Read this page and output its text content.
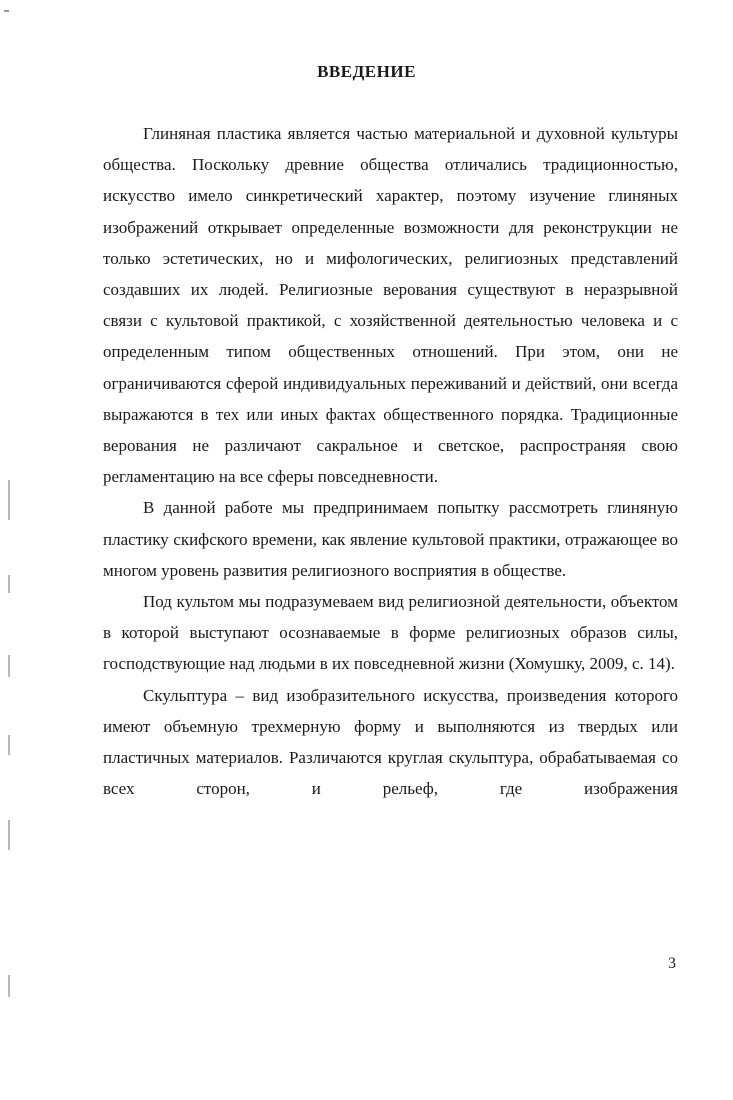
ВВЕДЕНИЕ

Глиняная пластика является частью материальной и духовной культуры общества. Поскольку древние общества отличались традиционностью, искусство имело синкретический характер, поэтому изучение глиняных изображений открывает определенные возможности для реконструкции не только эстетических, но и мифологических, религиозных представлений создавших их людей. Религиозные верования существуют в неразрывной связи с культовой практикой, с хозяйственной деятельностью человека и с определенным типом общественных отношений. При этом, они не ограничиваются сферой индивидуальных переживаний и действий, они всегда выражаются в тех или иных фактах общественного порядка. Традиционные верования не различают сакральное и светское, распространяя свою регламентацию на все сферы повседневности.

В данной работе мы предпринимаем попытку рассмотреть глиняную пластику скифского времени, как явление культовой практики, отражающее во многом уровень развития религиозного восприятия в обществе.

Под культом мы подразумеваем вид религиозной деятельности, объектом в которой выступают осознаваемые в форме религиозных образов силы, господствующие над людьми в их повседневной жизни (Хомушку, 2009, с. 14).

Скульптура – вид изобразительного искусства, произведения которого имеют объемную трехмерную форму и выполняются из твердых или пластичных материалов. Различаются круглая скульптура, обрабатываемая со всех сторон, и рельеф, где изображения

3
